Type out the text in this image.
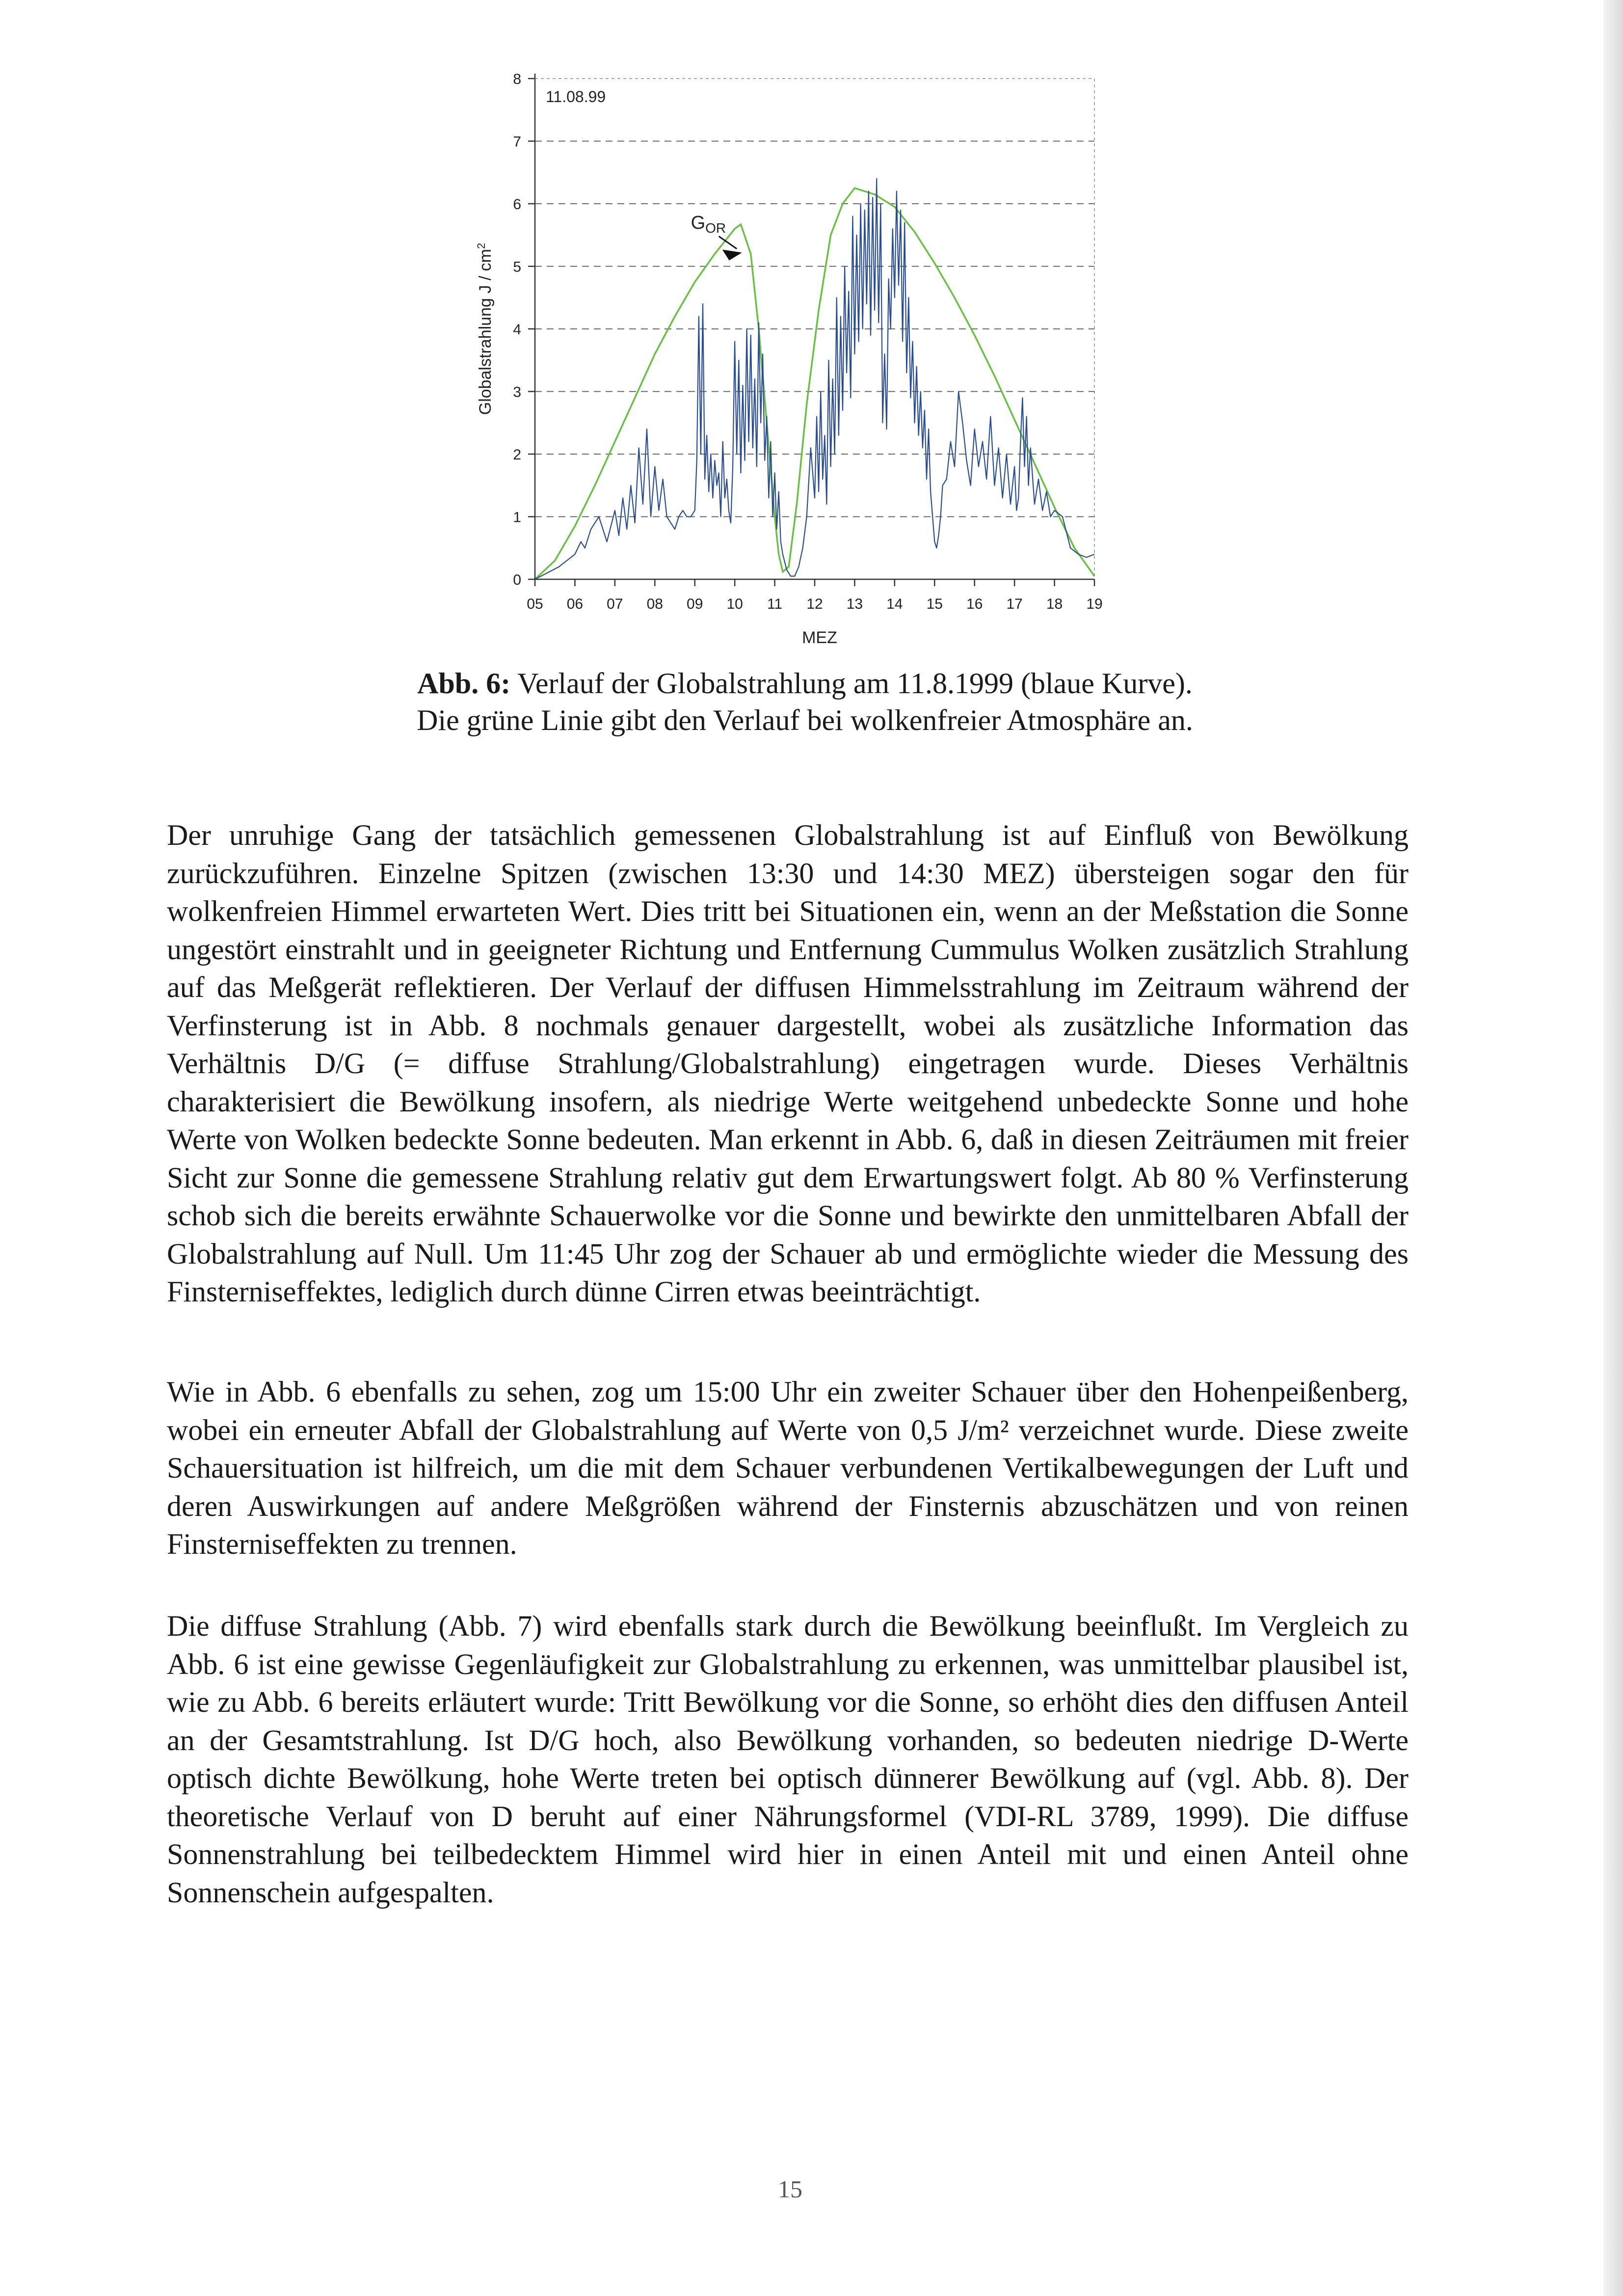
0
1
2
3
4
5
6
7
8
05 06 07 08 09 10 11 12 13 14 15 16 17 18 19
11.08.99
$G_{OR}$
MEZ
Globalstrahlung J / $cm^2$
Abb. 6: Verlauf der Globalstrahlung am 11.8.1999 (blaue Kurve).
Die grüne Linie gibt den Verlauf bei wolkenfreier Atmosphäre an.

Der unruhige Gang der tatsächlich gemessenen Globalstrahlung ist auf Einfluß von Bewölkung zurückzuführen. Einzelne Spitzen (zwischen 13:30 und 14:30 MEZ) übersteigen sogar den für wolkenfreien Himmel erwarteten Wert. Dies tritt bei Situationen ein, wenn an der Meßstation die Sonne ungestört einstrahlt und in geeigneter Richtung und Entfernung Cummulus Wolken zusätzlich Strahlung auf das Meßgerät reflektieren. Der Verlauf der diffusen Himmelsstrahlung im Zeitraum während der Verfinsterung ist in Abb. 8 nochmals genauer dargestellt, wobei als zusätzliche Information das Verhältnis D/G (= diffuse Strahlung/Globalstrahlung) eingetragen wurde. Dieses Verhältnis charakterisiert die Bewölkung insofern, als niedrige Werte weitgehend unbedeckte Sonne und hohe Werte von Wolken bedeckte Sonne bedeuten. Man erkennt in Abb. 6, daß in diesen Zeiträumen mit freier Sicht zur Sonne die gemessene Strahlung relativ gut dem Erwartungswert folgt. Ab 80 % Verfinsterung schob sich die bereits erwähnte Schauerwolke vor die Sonne und bewirkte den unmittelbaren Abfall der Globalstrahlung auf Null. Um 11:45 Uhr zog der Schauer ab und ermöglichte wieder die Messung des Finsterniseffektes, lediglich durch dünne Cirren etwas beeinträchtigt.

Wie in Abb. 6 ebenfalls zu sehen, zog um 15:00 Uhr ein zweiter Schauer über den Hohenpeißenberg, wobei ein erneuter Abfall der Globalstrahlung auf Werte von 0,5 J/m² verzeichnet wurde. Diese zweite Schauersituation ist hilfreich, um die mit dem Schauer verbundenen Vertikalbewegungen der Luft und deren Auswirkungen auf andere Meßgrößen während der Finsternis abzuschätzen und von reinen Finsterniseffekten zu trennen.

Die diffuse Strahlung (Abb. 7) wird ebenfalls stark durch die Bewölkung beeinflußt. Im Vergleich zu Abb. 6 ist eine gewisse Gegenläufigkeit zur Globalstrahlung zu erkennen, was unmittelbar plausibel ist, wie zu Abb. 6 bereits erläutert wurde: Tritt Bewölkung vor die Sonne, so erhöht dies den diffusen Anteil an der Gesamtstrahlung. Ist D/G hoch, also Bewölkung vorhanden, so bedeuten niedrige D-Werte optisch dichte Bewölkung, hohe Werte treten bei optisch dünnerer Bewölkung auf (vgl. Abb. 8). Der theoretische Verlauf von D beruht auf einer Nährungsformel (VDI-RL 3789, 1999). Die diffuse Sonnenstrahlung bei teilbedecktem Himmel wird hier in einen Anteil mit und einen Anteil ohne Sonnenschein aufgespalten.

15
